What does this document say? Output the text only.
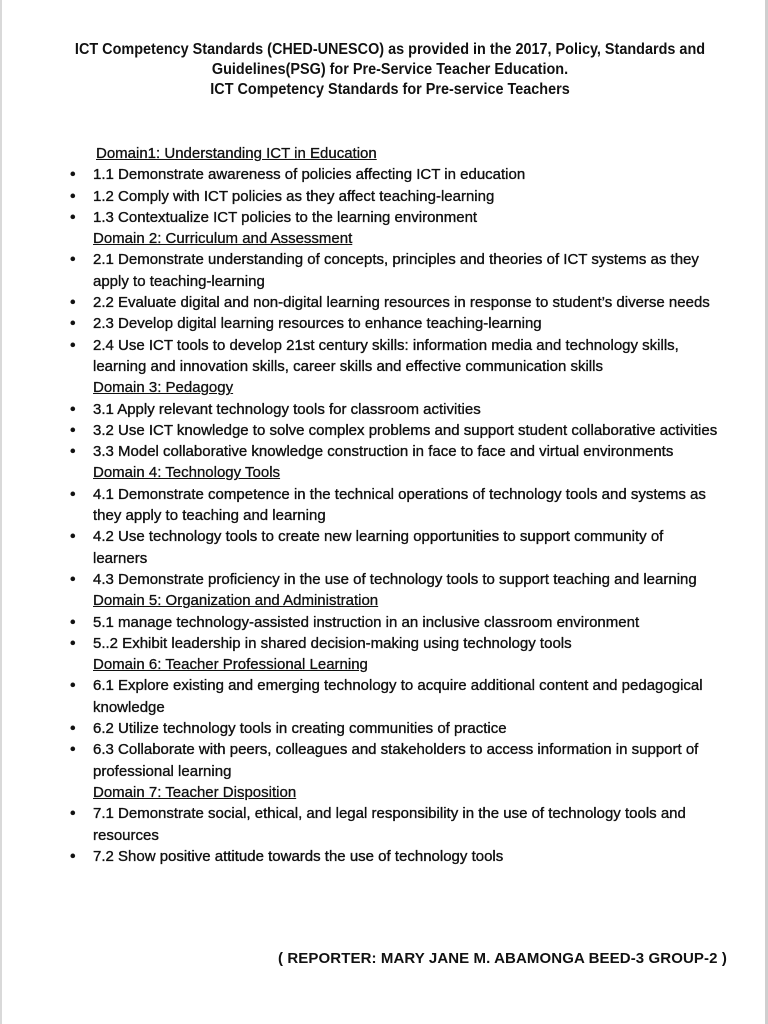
ICT Competency Standards (CHED-UNESCO) as provided in the 2017, Policy, Standards and
Guidelines(PSG) for Pre-Service Teacher Education.
ICT Competency Standards for Pre-service Teachers
Domain1: Understanding ICT in Education
• 1.1 Demonstrate awareness of policies affecting ICT in education
• 1.2 Comply with ICT policies as they affect teaching-learning
• 1.3 Contextualize ICT policies to the learning environment
Domain 2: Curriculum and Assessment
• 2.1 Demonstrate understanding of concepts, principles and theories of ICT systems as they apply to teaching-learning
• 2.2 Evaluate digital and non-digital learning resources in response to student’s diverse needs
• 2.3 Develop digital learning resources to enhance teaching-learning
• 2.4 Use ICT tools to develop 21st century skills: information media and technology skills, learning and innovation skills, career skills and effective communication skills
Domain 3: Pedagogy
• 3.1 Apply relevant technology tools for classroom activities
• 3.2 Use ICT knowledge to solve complex problems and support student collaborative activities
• 3.3 Model collaborative knowledge construction in face to face and virtual environments
Domain 4: Technology Tools
• 4.1 Demonstrate competence in the technical operations of technology tools and systems as they apply to teaching and learning
• 4.2 Use technology tools to create new learning opportunities to support community of learners
• 4.3 Demonstrate proficiency in the use of technology tools to support teaching and learning
Domain 5: Organization and Administration
• 5.1 manage technology-assisted instruction in an inclusive classroom environment
• 5..2 Exhibit leadership in shared decision-making using technology tools
Domain 6: Teacher Professional Learning
• 6.1 Explore existing and emerging technology to acquire additional content and pedagogical knowledge
• 6.2 Utilize technology tools in creating communities of practice
• 6.3 Collaborate with peers, colleagues and stakeholders to access information in support of professional learning
Domain 7: Teacher Disposition
• 7.1 Demonstrate social, ethical, and legal responsibility in the use of technology tools and resources
• 7.2 Show positive attitude towards the use of technology tools
( REPORTER: MARY JANE M. ABAMONGA BEED-3 GROUP-2 )
